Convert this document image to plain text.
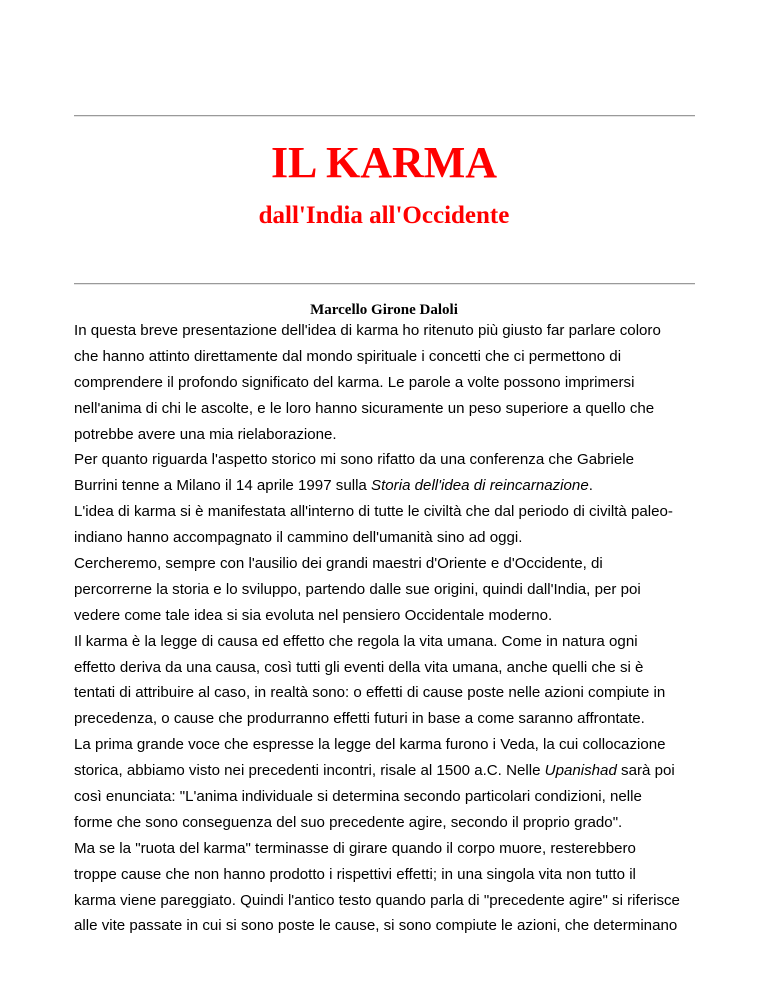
IL KARMA
dall'India all'Occidente
Marcello Girone Daloli
In questa breve presentazione dell'idea di karma ho ritenuto più giusto far parlare coloro
che hanno attinto direttamente dal mondo spirituale i concetti che ci permettono di
comprendere il profondo significato del karma. Le parole a volte possono imprimersi
nell'anima di chi le ascolte, e le loro hanno sicuramente un peso superiore a quello che
potrebbe avere una mia rielaborazione.
Per quanto riguarda l'aspetto storico mi sono rifatto da una conferenza che Gabriele
Burrini tenne a Milano il 14 aprile 1997 sulla Storia dell'idea di reincarnazione.
L'idea di karma si è manifestata all'interno di tutte le civiltà che dal periodo di civiltà paleo-
indiano hanno accompagnato il cammino dell'umanità sino ad oggi.
Cercheremo, sempre con l'ausilio dei grandi maestri d'Oriente e d'Occidente, di
percorrerne la storia e lo sviluppo, partendo dalle sue origini, quindi dall'India, per poi
vedere come tale idea si sia evoluta nel pensiero Occidentale moderno.
Il karma è la legge di causa ed effetto che regola la vita umana. Come in natura ogni
effetto deriva da una causa, così tutti gli eventi della vita umana, anche quelli che si è
tentati di attribuire al caso, in realtà sono: o effetti di cause poste nelle azioni compiute in
precedenza, o cause che produrranno effetti futuri in base a come saranno affrontate.
La prima grande voce che espresse la legge del karma furono i Veda, la cui collocazione
storica, abbiamo visto nei precedenti incontri, risale al 1500 a.C. Nelle Upanishad sarà poi
così enunciata: "L'anima individuale si determina secondo particolari condizioni, nelle
forme che sono conseguenza del suo precedente agire, secondo il proprio grado".
Ma se la "ruota del karma" terminasse di girare quando il corpo muore, resterebbero
troppe cause che non hanno prodotto i rispettivi effetti; in una singola vita non tutto il
karma viene pareggiato. Quindi l'antico testo quando parla di "precedente agire" si riferisce
alle vite passate in cui si sono poste le cause, si sono compiute le azioni, che determinano
